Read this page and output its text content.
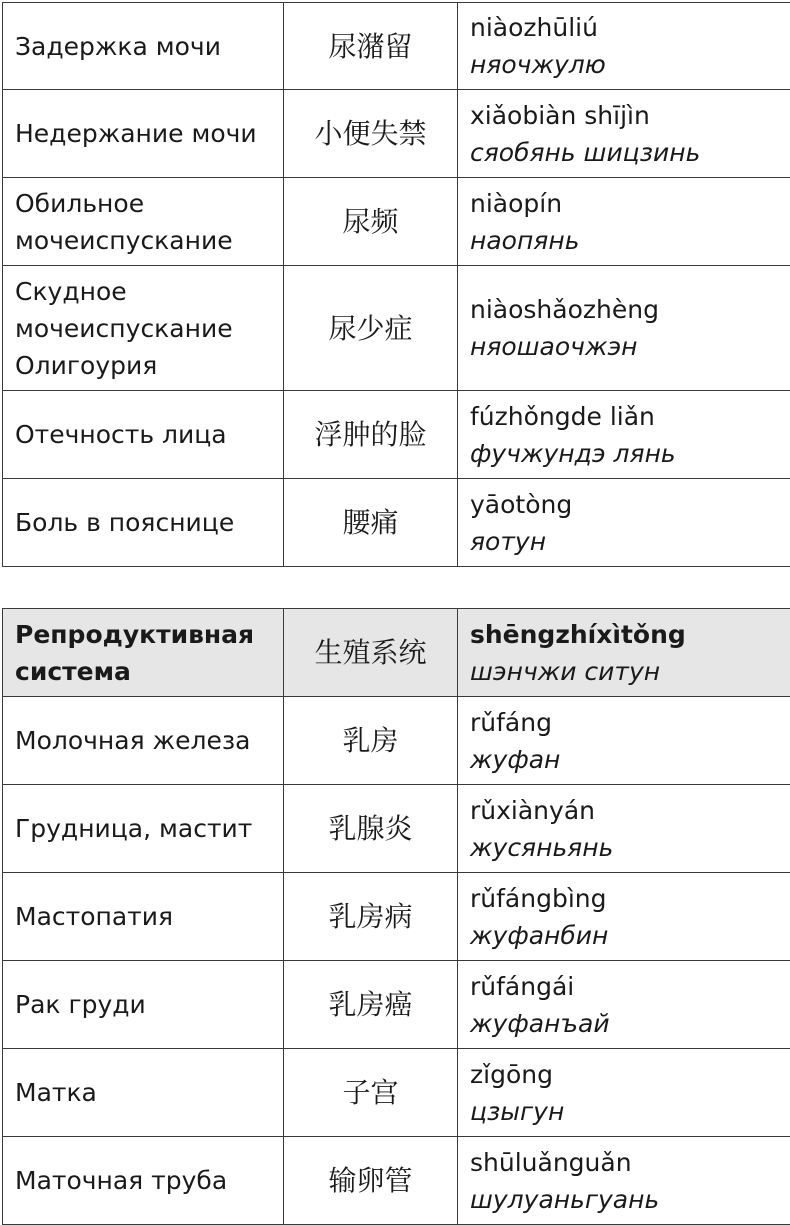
Задержка мочи	尿潴留	niàozhūliú
няочжулю

Недержание мочи	小便失禁	xiǎobiàn shījìn
сяобянь шицзинь

Обильное мочеиспускание	尿频	niàopín
наопянь

Скудное мочеиспускание Олигоурия	尿少症	niàoshǎozhèng
няошаочжэн

Отечность лица	浮肿的脸	fúzhǒngde liǎn
фучжундэ лянь

Боль в пояснице	腰痛	yāotòng
яотун
Репродуктивная система	生殖系统	shēngzhíxìtǒng
шэнчжи ситун

Молочная железа	乳房	rǔfáng
жуфан

Грудница, мастит	乳腺炎	rǔxiànyán
жусяньянь

Мастопатия	乳房病	rǔfángbìng
жуфанбин

Рак груди	乳房癌	rǔfángái
жуфанъай

Матка	子宫	zǐgōng
цзыгун

Маточная труба	输卵管	shūluǎnguǎn
шулуаньгуань
